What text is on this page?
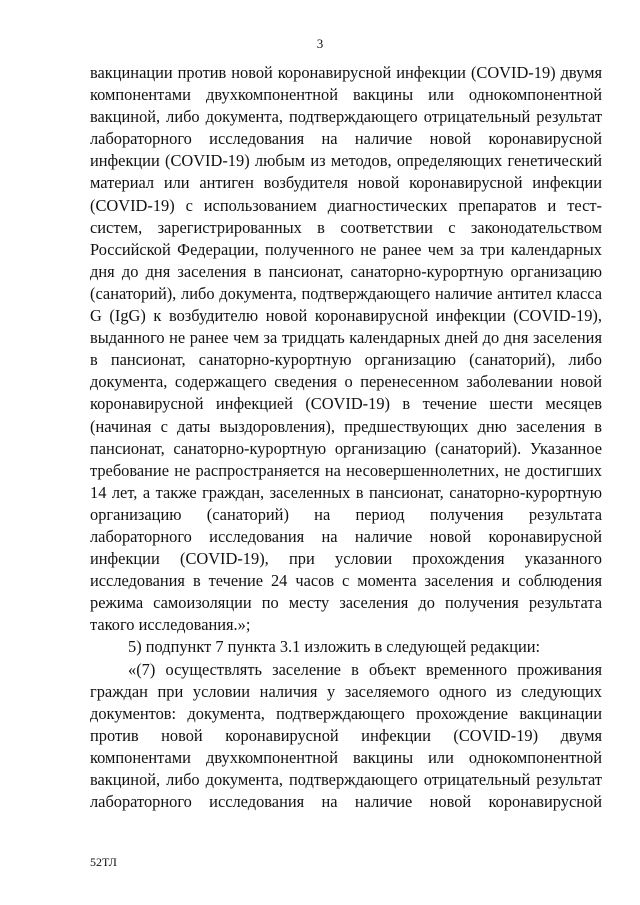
3

вакцинации против новой коронавирусной инфекции (COVID-19) двумя компонентами двухкомпонентной вакцины или однокомпонентной вакциной, либо документа, подтверждающего отрицательный результат лабораторного исследования на наличие новой коронавирусной инфекции (COVID-19) любым из методов, определяющих генетический материал или антиген возбудителя новой коронавирусной инфекции (COVID-19) с использованием диагностических препаратов и тест-систем, зарегистрированных в соответствии с законодательством Российской Федерации, полученного не ранее чем за три календарных дня до дня заселения в пансионат, санаторно-курортную организацию (санаторий), либо документа, подтверждающего наличие антител класса G (IgG) к возбудителю новой коронавирусной инфекции (COVID-19), выданного не ранее чем за тридцать календарных дней до дня заселения в пансионат, санаторно-курортную организацию (санаторий), либо документа, содержащего сведения о перенесенном заболевании новой коронавирусной инфекцией (COVID-19) в течение шести месяцев (начиная с даты выздоровления), предшествующих дню заселения в пансионат, санаторно-курортную организацию (санаторий). Указанное требование не распространяется на несовершеннолетних, не достигших 14 лет, а также граждан, заселенных в пансионат, санаторно-курортную организацию (санаторий) на период получения результата лабораторного исследования на наличие новой коронавирусной инфекции (COVID-19), при условии прохождения указанного исследования в течение 24 часов с момента заселения и соблюдения режима самоизоляции по месту заселения до получения результата такого исследования.»;

5) подпункт 7 пункта 3.1 изложить в следующей редакции:

«(7) осуществлять заселение в объект временного проживания граждан при условии наличия у заселяемого одного из следующих документов: документа, подтверждающего прохождение вакцинации против новой коронавирусной инфекции (COVID-19) двумя компонентами двухкомпонентной вакцины или однокомпонентной вакциной, либо документа, подтверждающего отрицательный результат лабораторного исследования на наличие новой коронавирусной

52ТЛ
